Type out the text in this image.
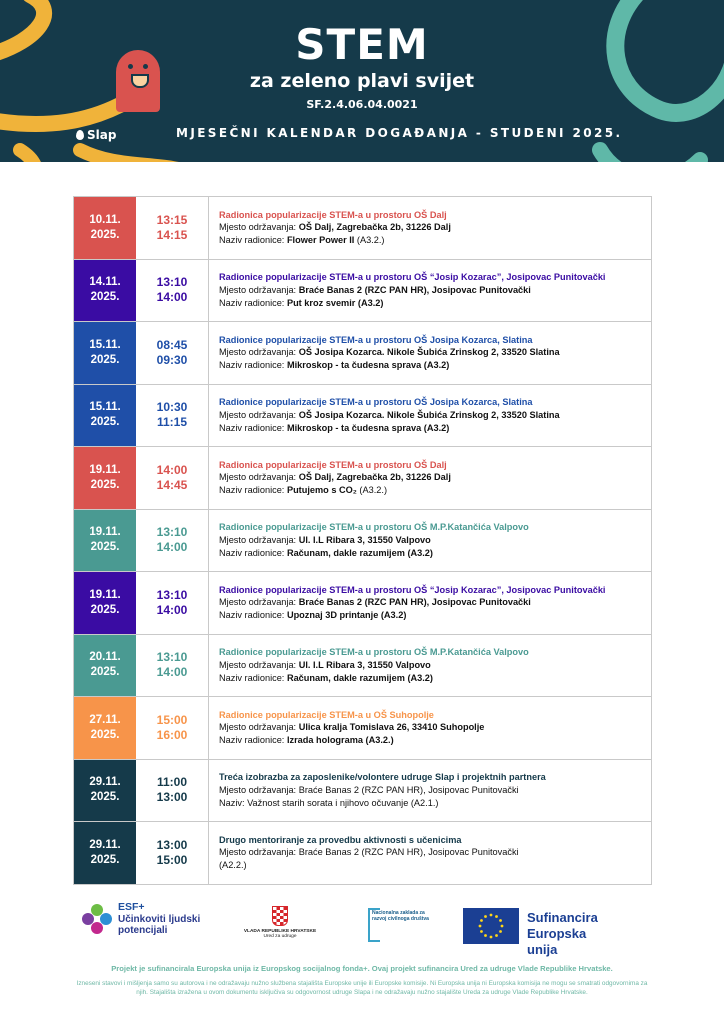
STEM
za zeleno plavi svijet
SF.2.4.06.04.0021
MJESEČNI KALENDAR DOGAĐANJA - STUDENI 2025.
Slap
10.11.
2025.
13:15
14:15
Radionica popularizacije STEM-a u prostoru OŠ Dalj
Mjesto održavanja: OŠ Dalj, Zagrebačka 2b, 31226 Dalj
Naziv radionice: Flower Power II (A3.2.)
14.11.
2025.
13:10
14:00
Radionice popularizacije STEM-a u prostoru OŠ “Josip Kozarac”, Josipovac Punitovački
Mjesto održavanja: Braće Banas 2 (RZC PAN HR), Josipovac Punitovački
Naziv radionice: Put kroz svemir (A3.2)
15.11.
2025.
08:45
09:30
Radionice popularizacije STEM-a u prostoru OŠ Josipa Kozarca, Slatina
Mjesto održavanja: OŠ Josipa Kozarca. Nikole Šubića Zrinskog 2, 33520 Slatina
Naziv radionice: Mikroskop - ta čudesna sprava (A3.2)
15.11.
2025.
10:30
11:15
Radionice popularizacije STEM-a u prostoru OŠ Josipa Kozarca, Slatina
Mjesto održavanja: OŠ Josipa Kozarca. Nikole Šubića Zrinskog 2, 33520 Slatina
Naziv radionice: Mikroskop - ta čudesna sprava (A3.2)
19.11.
2025.
14:00
14:45
Radionica popularizacije STEM-a u prostoru OŠ Dalj
Mjesto održavanja: OŠ Dalj, Zagrebačka 2b, 31226 Dalj
Naziv radionice: Putujemo s CO₂ (A3.2.)
19.11.
2025.
13:10
14:00
Radionice popularizacije STEM-a u prostoru OŠ M.P.Katančića Valpovo
Mjesto održavanja: Ul. I.L Ribara 3, 31550 Valpovo
Naziv radionice: Računam, dakle razumijem (A3.2)
19.11.
2025.
13:10
14:00
Radionice popularizacije STEM-a u prostoru OŠ “Josip Kozarac”, Josipovac Punitovački
Mjesto održavanja: Braće Banas 2 (RZC PAN HR), Josipovac Punitovački
Naziv radionice: Upoznaj 3D printanje (A3.2)
20.11.
2025.
13:10
14:00
Radionice popularizacije STEM-a u prostoru OŠ M.P.Katančića Valpovo
Mjesto održavanja: Ul. I.L Ribara 3, 31550 Valpovo
Naziv radionice: Računam, dakle razumijem (A3.2)
27.11.
2025.
15:00
16:00
Radionice popularizacije STEM-a u OŠ Suhopolje
Mjesto održavanja: Ulica kralja Tomislava 26, 33410 Suhopolje
Naziv radionice: Izrada holograma (A3.2.)
29.11.
2025.
11:00
13:00
Treća izobrazba za zaposlenike/volontere udruge Slap i projektnih partnera
Mjesto održavanja: Braće Banas 2 (RZC PAN HR), Josipovac Punitovački
Naziv: Važnost starih sorata i njihovo očuvanje (A2.1.)
29.11.
2025.
13:00
15:00
Drugo mentoriranje za provedbu aktivnosti s učenicima
Mjesto održavanja: Braće Banas 2 (RZC PAN HR), Josipovac Punitovački
(A2.2.)
ESF+
Učinkoviti ljudski potencijali	VLADA REPUBLIKE HRVATSKE
Ured za udruge
Nacionalna zaklada za razvoj civilnoga društva	Sufinancira Europska unija
Projekt je sufinancirala Europska unija iz Europskog socijalnog fonda+. Ovaj projekt sufinancira Ured za udruge Vlade Republike Hrvatske.
Izneseni stavovi i mišljenja samo su autorova i ne odražavaju nužno službena stajališta Europske unije ili Europske komisije. Ni Europska unija ni Europska komisija ne mogu se smatrati odgovornima za njih. Stajališta izražena u ovom dokumentu isključiva su odgovornost udruge Slapa i ne odražavaju nužno stajalište Ureda za udruge Vlade Republike Hrvatske.
